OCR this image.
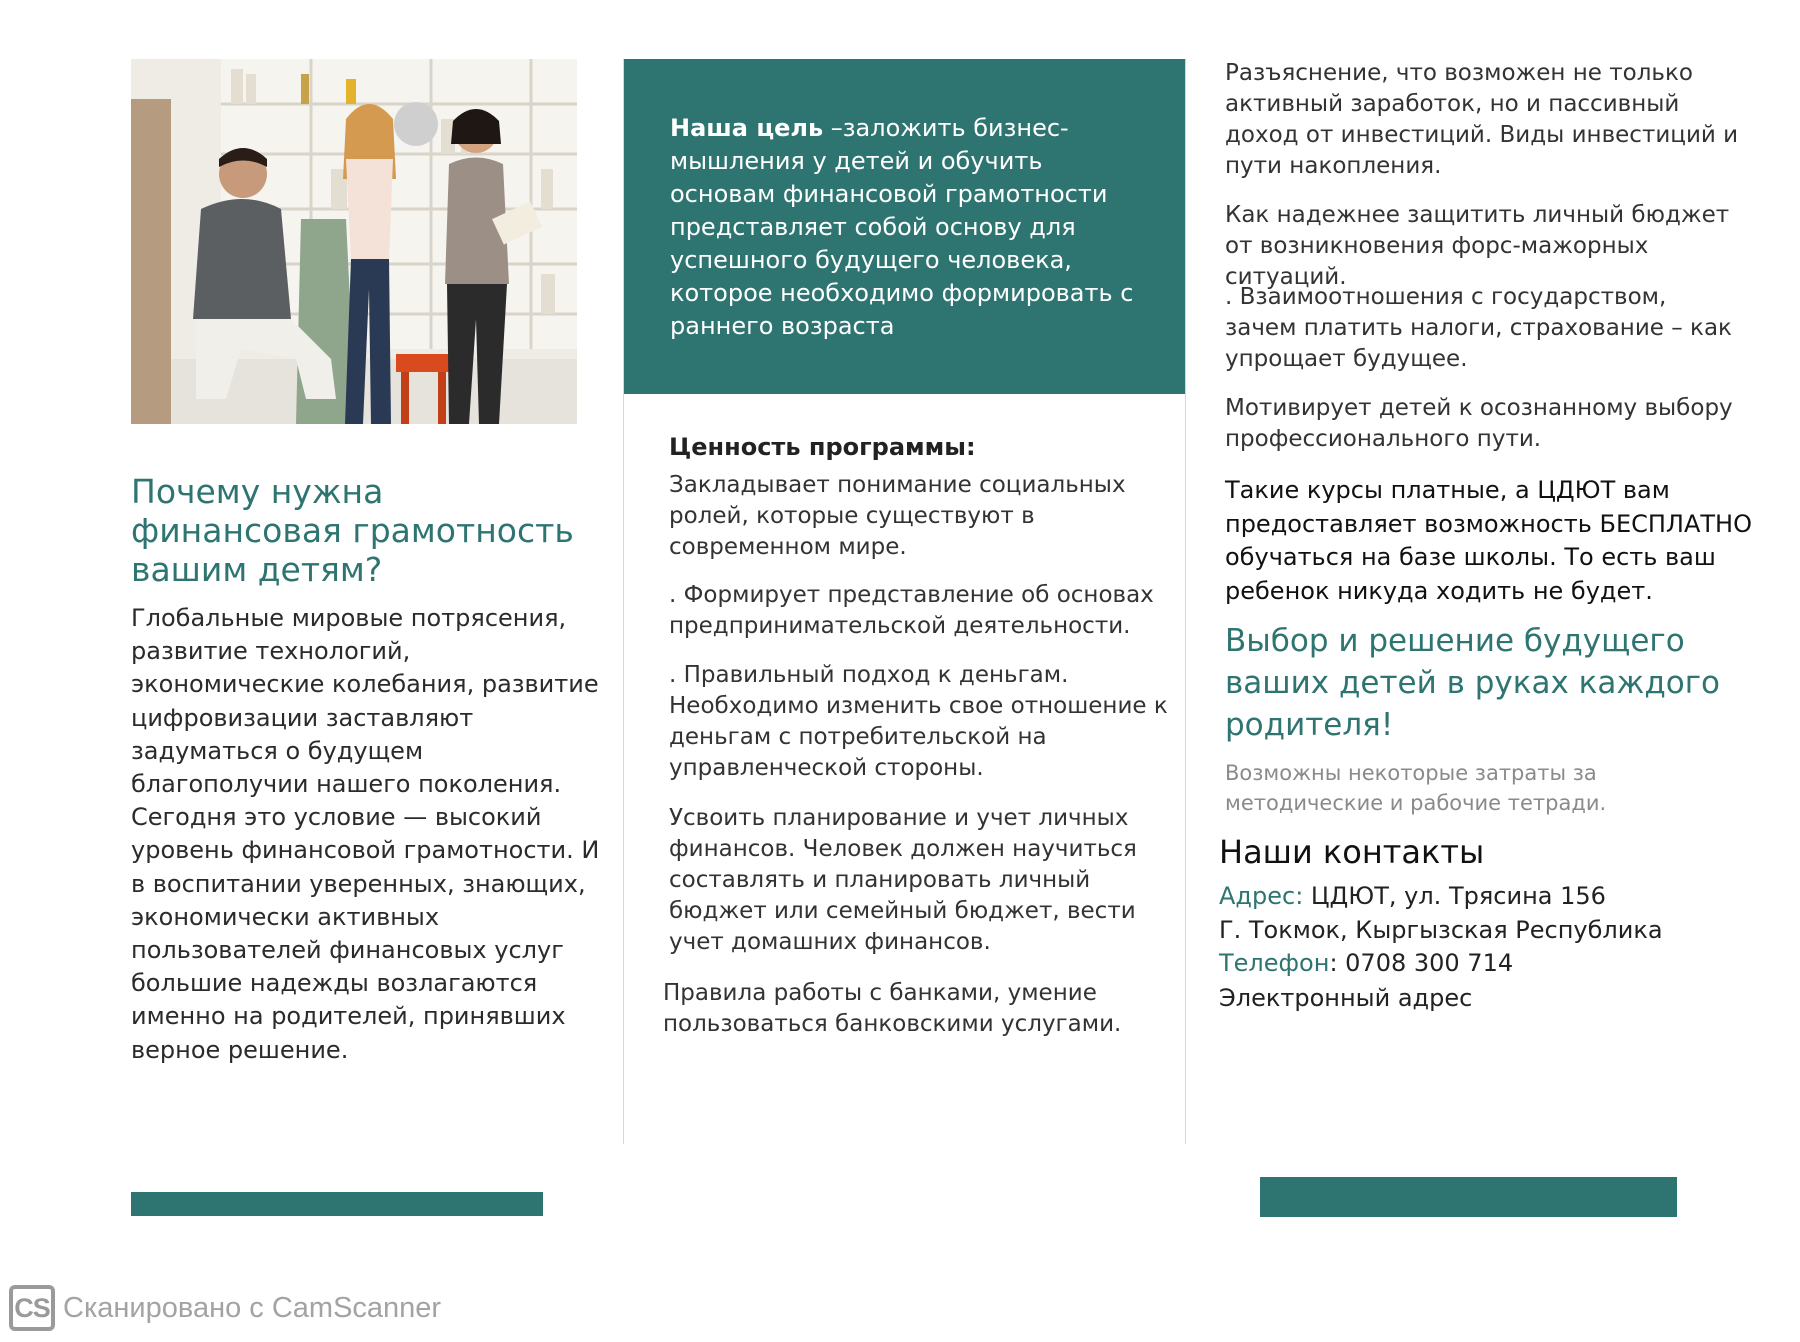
Почему нужна финансовая грамотность вашим детям?

Глобальные мировые потрясения, развитие технологий, экономические колебания, развитие цифровизации заставляют задуматься о будущем благополучии нашего поколения. Сегодня это условие — высокий уровень финансовой грамотности. И в воспитании уверенных, знающих, экономически активных пользователей финансовых услуг большие надежды возлагаются именно на родителей, принявших верное решение.

Наша цель –заложить бизнес-мышления у детей и обучить основам финансовой грамотности представляет собой основу для успешного будущего человека, которое необходимо формировать с раннего возраста

Ценность программы:

Закладывает понимание социальных ролей, которые существуют в современном мире.

. Формирует представление об основах предпринимательской деятельности.

. Правильный подход к деньгам. Необходимо изменить свое отношение к деньгам с потребительской на управленческой стороны.

Усвоить планирование и учет личных финансов. Человек должен научиться составлять и планировать личный бюджет или семейный бюджет, вести учет домашних финансов.

Правила работы с банками, умение пользоваться банковскими услугами.

Разъяснение, что возможен не только активный заработок, но и пассивный доход от инвестиций. Виды инвестиций и пути накопления.

Как надежнее защитить личный бюджет от возникновения форс-мажорных ситуаций.

. Взаимоотношения с государством, зачем платить налоги, страхование – как упрощает будущее.

Мотивирует детей к осознанному выбору профессионального пути.

Такие курсы платные, а ЦДЮТ вам предоставляет возможность БЕСПЛАТНО обучаться на базе школы. То есть ваш ребенок никуда ходить не будет.

Выбор и решение будущего ваших детей в руках каждого родителя!

Возможны некоторые затраты за методические и рабочие тетради.

Наши контакты

Адрес: ЦДЮТ, ул. Трясина 156

Г. Токмок, Кыргызская Республика

Телефон: 0708 300 714

Электронный адрес

CS Сканировано с CamScanner
